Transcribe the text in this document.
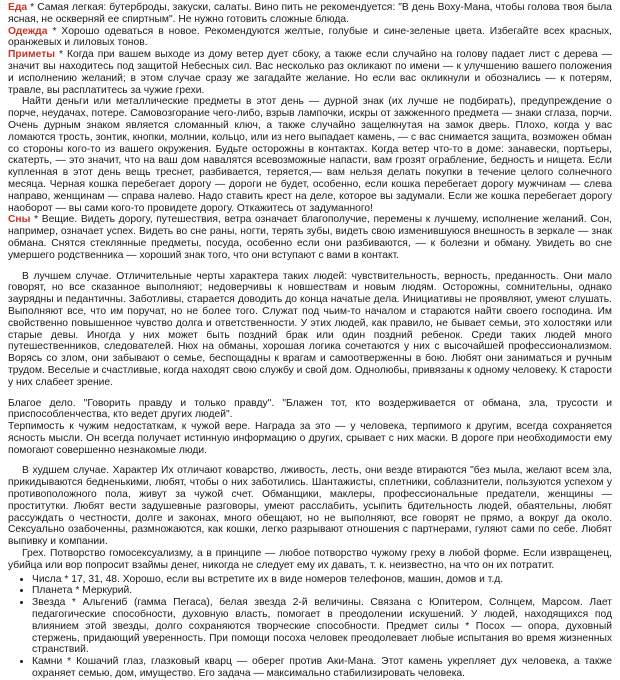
Еда * Самая легкая: бутерброды, закуски, салаты. Вино пить не рекомендуется: "В день Вохy-Мана, чтобы голова твоя была ясная, не оскверняй ее спиртным". Не нужно готовить сложные блюда.

Одежда * Хорошо одеваться в новое. Рекомендуются желтые, голубые и сине-зеленые цвета. Избегайте всех красных, оранжевых и лиловых тонов.

Приметы * Когда при вашем выходе из дому ветер дует сбоку, а также если случайно на голову падает лист с дерева — значит вы находитесь под защитой Небесных сил. Вас несколько раз окликают по имени — к улучшению вашего положения и исполнению желаний; в этом случае сразу же загадайте желание. Но если вас окликнули и обознались — к потерям, травле, вы расплатитесь за чужие грехи.

Найти деньги или металлические предметы в этот день — дурной знак (их лучше не подбирать), предупреждение о порче, неудачах, потере. Самовозгорание чего-либо, взрыв лампочки, искры от зажженного предмета — знаки сглаза, порчи. Очень дурным знаком является сломанный ключ, а также случайно защелкнутая на замок дверь. Плохо, когда у вас ломаются трость, зонтик, кнопки, молнии, кольцо, или из него выпадает камень, — с вас снимается защита, возможен обман со стороны кого-то из вашего окружения. Будьте осторожны в контактах. Когда ветер что-то в доме: занавески, портьеры, скатерть, — это значит, что на ваш дом навалятся всевозможные напасти, вам грозят ограбление, бедность и нищета. Если купленная в этот день вещь треснет, разбивается, теряется,— вам нельзя делать покупки в течение целого солнечного месяца. Черная кошка перебегает дорогу — дороги не будет, особенно, если кошка перебегает дорогу мужчинам — слева направо, женщинам — справа налево. Надо ставить крест на деле, которое вы задумали. Если же кошка перебегает дорогу наоборот — вы сами кого-то провидете дорогу. Откажитесь от задуманного!

Сны * Вещие. Видеть дорогу, путешествия, ветра означает благополучие, перемены к лучшему, исполнение желаний. Сон, например, означает успех. Видеть во сне раны, ногти, терять зубы, видеть свою изменившуюся внешность в зеркале — знак обмана. Снятся стеклянные предметы, посуда, особенно если они разбиваются, — к болезни и обману. Увидеть во сне умершего родственника — хороший знак того, что они вступают с вами в контакт.

В лучшем случае. Отличительные черты характера таких людей: чувствительность, верность, преданность. Они мало говорят, но все сказанное выполняют; недоверчивы к новшествам и новым людям. Осторожны, сомнительны, однако заурядны и педантичны. Заботливы, старается доводить до конца начатые дела. Инициативы не проявляют, умеют слушать. Выполняют все, что им поручат, но не более того. Служат под чьим-то началом и стараются найти своего господина. Им свойственно повышенное чувство долга и ответственности. У этих людей, как правило, не бывает семьи, это холостяки или старые девы. Иногда у них может быть поздний брак или один поздний ребенок. Среди таких людей много путешественников, следователей. Нюх на обманы, хорошая логика сочетаются у них с высочайшей профессионализмом. Ворясь со злом, они забывают о семье, беспощадны к врагам и самоотверженны в бою. Любят они заниматься и ручным трудом. Веселые и счастливые, когда находят свою службу и свой дом. Однолюбы, привязаны к одному человеку. К старости у них слабеет зрение.

Благое дело. "Говорить правду и только правду". "Блажен тот, кто воздерживается от обмана, зла, трусости и приспособленчества, кто ведет других людей".

Терпимость к чужим недостаткам, к чужой вере. Награда за это — у человека, терпимого к другим, всегда сохраняется ясность мысли. Он всегда получает истинную информацию о других, срывает с них маски. В дороге при необходимости ему помогают совершенно незнакомые люди.

В худшем случае. Характер Их отличают коварство, лживость, лесть, они везде втираются "без мыла, желают всем зла, прикидываются бедненькими, любят, чтобы о них заботились. Шантажисты, сплетники, соблазнители, пользуются успехом у противоположного пола, живут за чужой счет. Обманщики, маклеры, профессиональные предатели, женщины — проститутки. Любят вести задушевные разговоры, умеют расслабить, усыпить бдительность людей, обаятельны, любят рассуждать о честности, долге и законах, много обещают, но не выполняют, все говорят не прямо, а вокруг да около. Сексуально озабоченны, размножаются, как кошки, легко разрывают отношения с партнерами, гуляют сами по себе. Любят выпивку и компании.

Грех. Потворство гомосексуализму, а в принципе — любое потворство чужому греху в любой форме. Если извращенец, убийца или вор попросит взаймы денег, никогда не следует ему их давать, т. к. неизвестно, на что он их потратит.

• Числа * 17, 31, 48. Хорошо, если вы встретите их в виде номеров телефонов, машин, домов и т.д.
• Планета * Меркурий.
• Звезда * Альгениб (гамма Пегаса), белая звезда 2-й величины. Связана с Юпитером, Солнцем, Марсом. Лает педагогические способности, духовную власть, помогает в преодолении искушений. У людей, находящихся под влиянием этой звезды, долго сохраняются творческие способности. Предмет силы * Посох — опора, духовный стержень, придающий уверенность. При помощи посоха человек преодолевает любые испытания во время жизненных странствий.
• Камни * Кошачий глаз, глазковый кварц — оберег против Аки-Мана. Этот камень укрепляет дух человека, а также охраняет семью, дом, имущество. Его задача — максимально стабилизировать человека.
